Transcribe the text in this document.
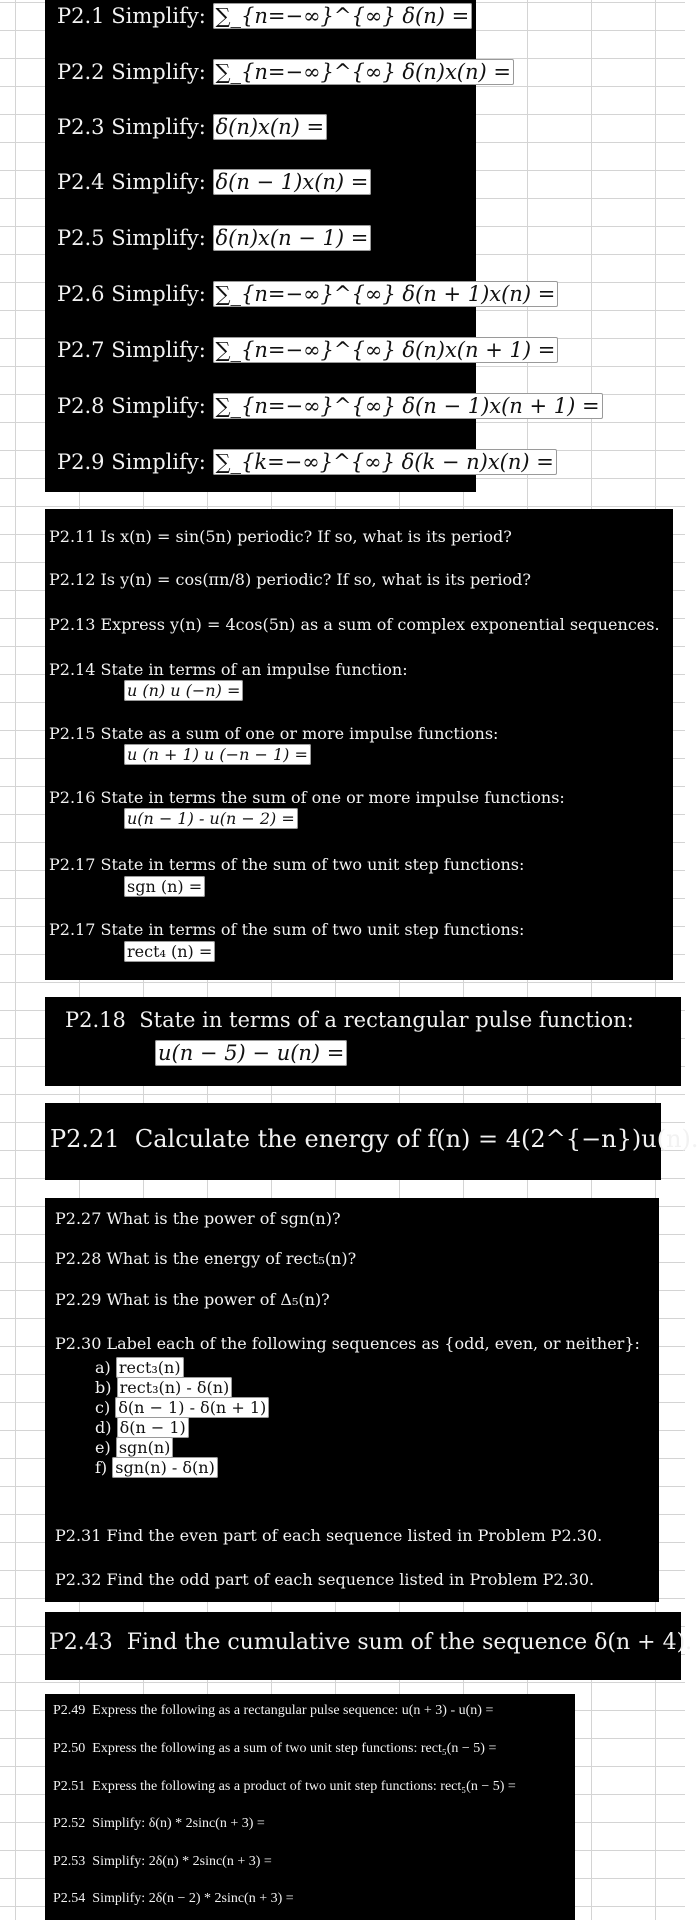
P2.1 Simplify: ∑_{n=−∞}^{∞} δ(n) =
P2.2 Simplify: ∑_{n=−∞}^{∞} δ(n)x(n) =
P2.3 Simplify: δ(n)x(n) =
P2.4 Simplify: δ(n − 1)x(n) =
P2.5 Simplify: δ(n)x(n − 1) =
P2.6 Simplify: ∑_{n=−∞}^{∞} δ(n + 1)x(n) =
P2.7 Simplify: ∑_{n=−∞}^{∞} δ(n)x(n + 1) =
P2.8 Simplify: ∑_{n=−∞}^{∞} δ(n − 1)x(n + 1) =
P2.9 Simplify: ∑_{k=−∞}^{∞} δ(k − n)x(n) =
P2.11 Is x(n) = sin(5n) periodic? If so, what is its period?
P2.12 Is y(n) = cos(πn/8) periodic? If so, what is its period?
P2.13 Express y(n) = 4cos(5n) as a sum of complex exponential sequences.
P2.14 State in terms of an impulse function:
u (n) u (−n) =
P2.15 State as a sum of one or more impulse functions:
u (n + 1) u (−n − 1) =
P2.16 State in terms the sum of one or more impulse functions:
u(n − 1) - u(n − 2) =
P2.17 State in terms of the sum of two unit step functions:
sgn (n) =
P2.17 State in terms of the sum of two unit step functions:
rect₄ (n) =
P2.18 State in terms of a rectangular pulse function:
u(n − 5) − u(n) =
P2.21 Calculate the energy of f(n) = 4(2^{−n})u(n).
P2.27 What is the power of sgn(n)?
P2.28 What is the energy of rect₅(n)?
P2.29 What is the power of Δ₅(n)?
P2.30 Label each of the following sequences as {odd, even, or neither}:
a) rect₃(n)
b) rect₃(n) - δ(n)
c) δ(n − 1) - δ(n + 1)
d) δ(n − 1)
e) sgn(n)
f) sgn(n) - δ(n)
P2.31 Find the even part of each sequence listed in Problem P2.30.
P2.32 Find the odd part of each sequence listed in Problem P2.30.
P2.43 Find the cumulative sum of the sequence δ(n + 4).
P2.49 Express the following as a rectangular pulse sequence: u(n + 3) - u(n) =
P2.50 Express the following as a sum of two unit step functions: rect₅(n − 5) =
P2.51 Express the following as a product of two unit step functions: rect₅(n − 5) =
P2.52 Simplify: δ(n) * 2sinc(n + 3) =
P2.53 Simplify: 2δ(n) * 2sinc(n + 3) =
P2.54 Simplify: 2δ(n − 2) * 2sinc(n + 3) =
